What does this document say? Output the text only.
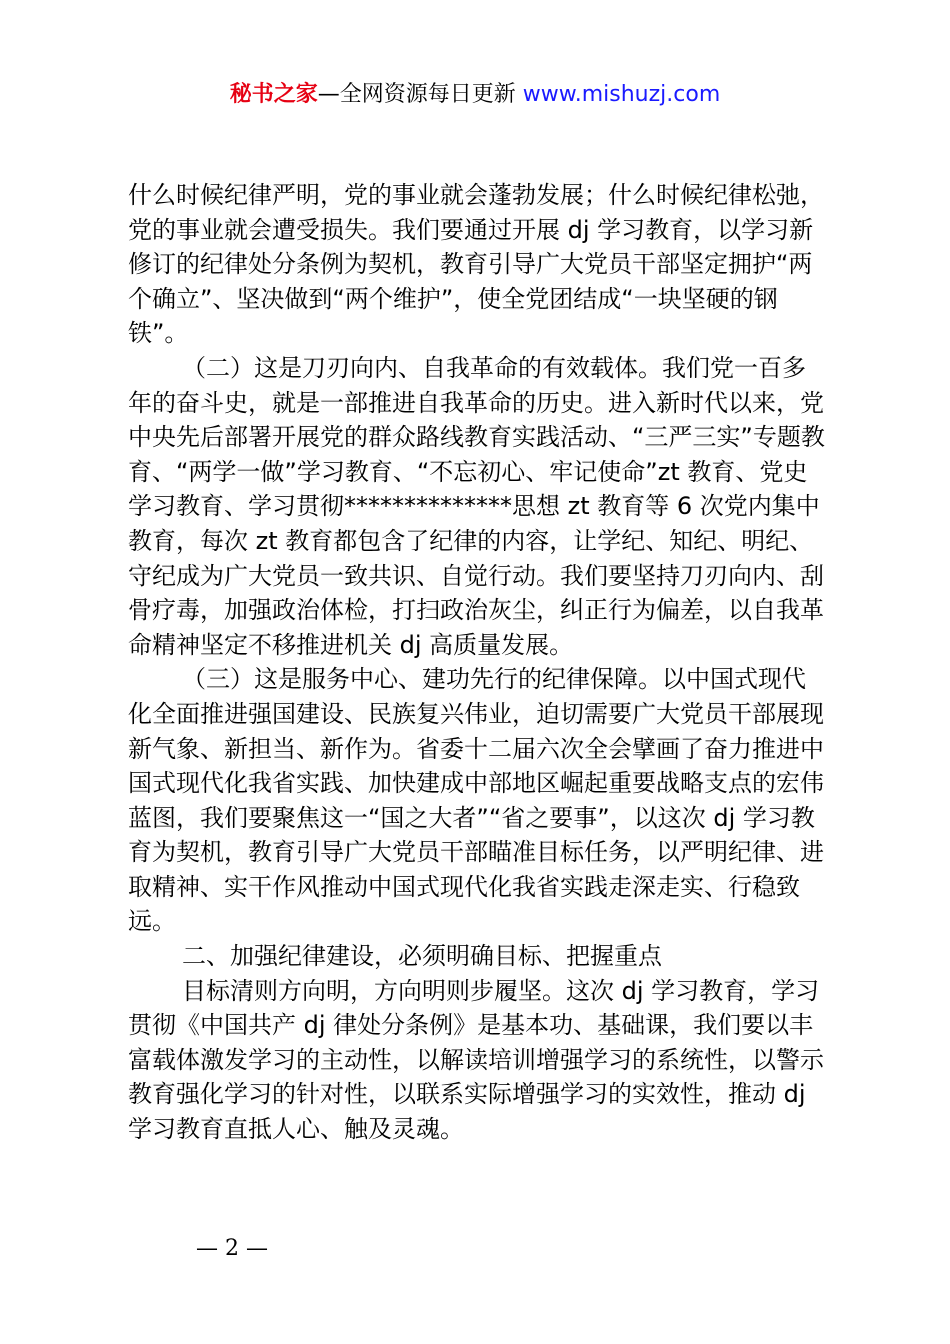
秘书之家—全网资源每日更新 www.mishuzj.com

什么时候纪律严明，党的事业就会蓬勃发展；什么时候纪律松弛，党的事业就会遭受损失。我们要通过开展 dj 学习教育，以学习新修订的纪律处分条例为契机，教育引导广大党员干部坚定拥护“两个确立”、坚决做到“两个维护”，使全党团结成“一块坚硬的钢铁”。

（二）这是刀刃向内、自我革命的有效载体。我们党一百多年的奋斗史，就是一部推进自我革命的历史。进入新时代以来，党中央先后部署开展党的群众路线教育实践活动、“三严三实”专题教育、“两学一做”学习教育、“不忘初心、牢记使命”zt 教育、党史学习教育、学习贯彻**************思想 zt 教育等 6 次党内集中教育，每次 zt 教育都包含了纪律的内容，让学纪、知纪、明纪、守纪成为广大党员一致共识、自觉行动。我们要坚持刀刃向内、刮骨疗毒，加强政治体检，打扫政治灰尘，纠正行为偏差，以自我革命精神坚定不移推进机关 dj 高质量发展。

（三）这是服务中心、建功先行的纪律保障。以中国式现代化全面推进强国建设、民族复兴伟业，迫切需要广大党员干部展现新气象、新担当、新作为。省委十二届六次全会擘画了奋力推进中国式现代化我省实践、加快建成中部地区崛起重要战略支点的宏伟蓝图，我们要聚焦这一“国之大者”“省之要事”，以这次 dj 学习教育为契机，教育引导广大党员干部瞄准目标任务，以严明纪律、进取精神、实干作风推动中国式现代化我省实践走深走实、行稳致远。

二、加强纪律建设，必须明确目标、把握重点

目标清则方向明，方向明则步履坚。这次 dj 学习教育，学习贯彻《中国共产 dj 律处分条例》是基本功、基础课，我们要以丰富载体激发学习的主动性，以解读培训增强学习的系统性，以警示教育强化学习的针对性，以联系实际增强学习的实效性，推动 dj 学习教育直抵人心、触及灵魂。

— 2 —
